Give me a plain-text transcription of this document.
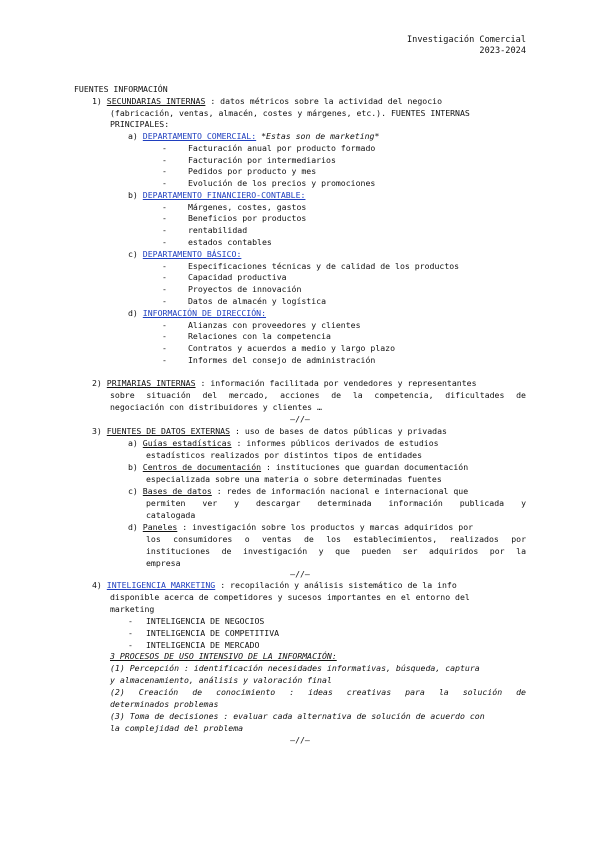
Investigación Comercial
2023-2024
FUENTES INFORMACIÓN
1) SECUNDARIAS INTERNAS : datos métricos sobre la actividad del negocio
(fabricación, ventas, almacén, costes y márgenes, etc.). FUENTES INTERNAS
PRINCIPALES:
a) DEPARTAMENTO COMERCIAL: *Estas son de marketing*
-	Facturación anual por producto formado
-	Facturación por intermediarios
-	Pedidos por producto y mes
-	Evolución de los precios y promociones
b) DEPARTAMENTO FINANCIERO-CONTABLE:
-	Márgenes, costes, gastos
-	Beneficios por productos
-	rentabilidad
-	estados contables
c) DEPARTAMENTO BÁSICO:
-	Especificaciones técnicas y de calidad de los productos
-	Capacidad productiva
-	Proyectos de innovación
-	Datos de almacén y logística
d) INFORMACIÓN DE DIRECCIÓN:
-	Alianzas con proveedores y clientes
-	Relaciones con la competencia
-	Contratos y acuerdos a medio y largo plazo
-	Informes del consejo de administración
2) PRIMARIAS INTERNAS : información facilitada por vendedores y representantes
sobre situación del mercado, acciones de la competencia, dificultades de
negociación con distribuidores y clientes …
–//–
3) FUENTES DE DATOS EXTERNAS : uso de bases de datos públicas y privadas
a) Guías estadísticas : informes públicos derivados de estudios
estadísticos realizados por distintos tipos de entidades
b) Centros de documentación : instituciones que guardan documentación
especializada sobre una materia o sobre determinadas fuentes
c) Bases de datos : redes de información nacional e internacional que
permiten ver y descargar determinada información publicada y
catalogada
d) Paneles : investigación sobre los productos y marcas adquiridos por
los consumidores o ventas de los establecimientos, realizados por
instituciones de investigación y que pueden ser adquiridos por la
empresa
–//–
4) INTELIGENCIA MARKETING : recopilación y análisis sistemático de la info
disponible acerca de competidores y sucesos importantes en el entorno del
marketing
- INTELIGENCIA DE NEGOCIOS
- INTELIGENCIA DE COMPETITIVA
- INTELIGENCIA DE MERCADO
3 PROCESOS DE USO INTENSIVO DE LA INFORMACIÓN:
(1) Percepción : identificación necesidades informativas, búsqueda, captura
y almacenamiento, análisis y valoración final
(2) Creación de conocimiento : ideas creativas para la solución de
determinados problemas
(3) Toma de decisiones : evaluar cada alternativa de solución de acuerdo con
la complejidad del problema
–//–
